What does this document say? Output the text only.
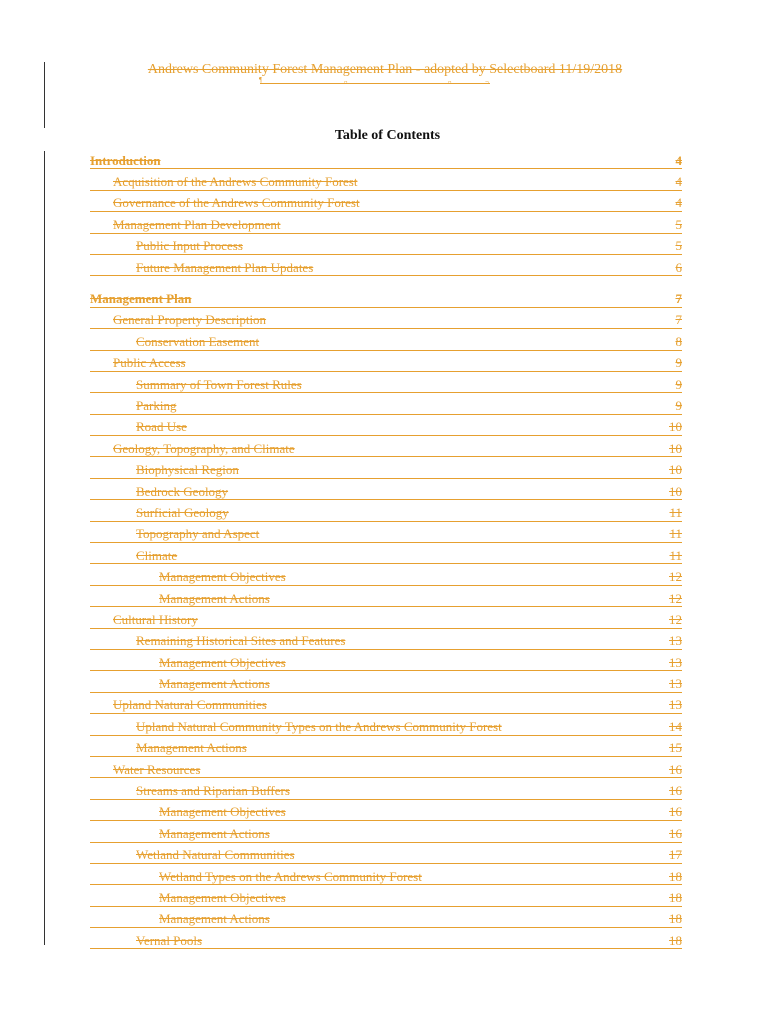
Andrews Community Forest Management Plan - adopted by Selectboard 11/19/2018
¶	¤	¤	¬
Table of Contents
Introduction	4
Acquisition of the Andrews Community Forest	4
Governance of the Andrews Community Forest	4
Management Plan Development	5
Public Input Process	5
Future Management Plan Updates	6
Management Plan	7
General Property Description	7
Conservation Easement	8
Public Access	9
Summary of Town Forest Rules	9
Parking	9
Road Use	10
Geology, Topography, and Climate	10
Biophysical Region	10
Bedrock Geology	10
Surficial Geology	11
Topography and Aspect	11
Climate	11
Management Objectives	12
Management Actions	12
Cultural History	12
Remaining Historical Sites and Features	13
Management Objectives	13
Management Actions	13
Upland Natural Communities	13
Upland Natural Community Types on the Andrews Community Forest	14
Management Actions	15
Water Resources	16
Streams and Riparian Buffers	16
Management Objectives	16
Management Actions	16
Wetland Natural Communities	17
Wetland Types on the Andrews Community Forest	18
Management Objectives	18
Management Actions	18
Vernal Pools	18
